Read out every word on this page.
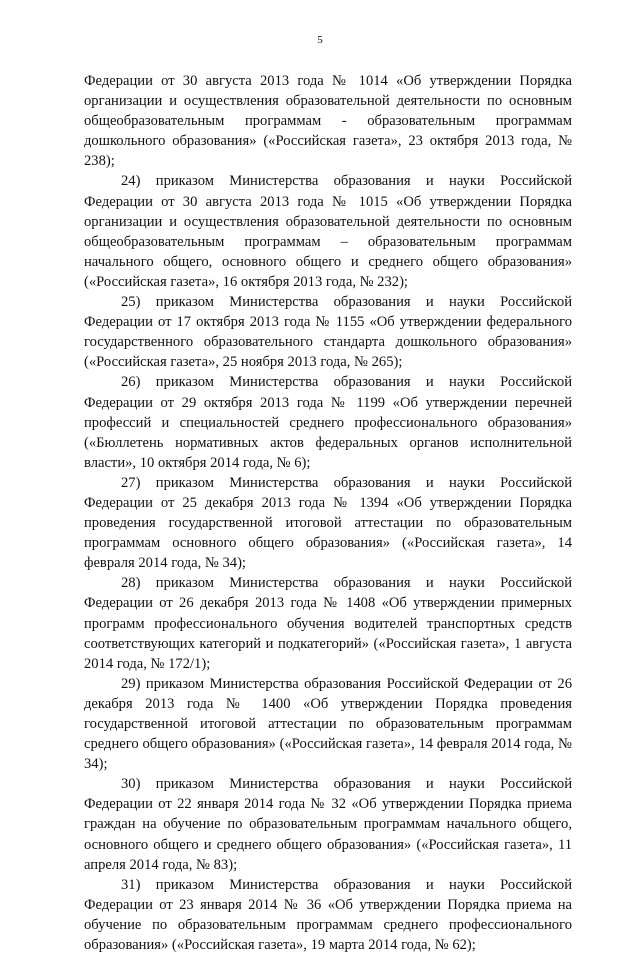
5

Федерации от 30 августа 2013 года № 1014 «Об утверждении Порядка организации и осуществления образовательной деятельности по основным общеобразовательным программам - образовательным программам дошкольного образования» («Российская газета», 23 октября 2013 года, № 238);

24) приказом Министерства образования и науки Российской Федерации от 30 августа 2013 года № 1015 «Об утверждении Порядка организации и осуществления образовательной деятельности по основным общеобразовательным программам – образовательным программам начального общего, основного общего и среднего общего образования» («Российская газета», 16 октября 2013 года, № 232);

25) приказом Министерства образования и науки Российской Федерации от 17 октября 2013 года № 1155 «Об утверждении федерального государственного образовательного стандарта дошкольного образования» («Российская газета», 25 ноября 2013 года, № 265);

26) приказом Министерства образования и науки Российской Федерации от 29 октября 2013 года № 1199 «Об утверждении перечней профессий и специальностей среднего профессионального образования» («Бюллетень нормативных актов федеральных органов исполнительной власти», 10 октября 2014 года, № 6);

27) приказом Министерства образования и науки Российской Федерации от 25 декабря 2013 года № 1394 «Об утверждении Порядка проведения государственной итоговой аттестации по образовательным программам основного общего образования» («Российская газета», 14 февраля 2014 года, № 34);

28) приказом Министерства образования и науки Российской Федерации от 26 декабря 2013 года № 1408 «Об утверждении примерных программ профессионального обучения водителей транспортных средств соответствующих категорий и подкатегорий» («Российская газета», 1 августа 2014 года, № 172/1);

29) приказом Министерства образования Российской Федерации от 26 декабря 2013 года № 1400 «Об утверждении Порядка проведения государственной итоговой аттестации по образовательным программам среднего общего образования» («Российская газета», 14 февраля 2014 года, № 34);

30) приказом Министерства образования и науки Российской Федерации от 22 января 2014 года № 32 «Об утверждении Порядка приема граждан на обучение по образовательным программам начального общего, основного общего и среднего общего образования» («Российская газета», 11 апреля 2014 года, № 83);

31) приказом Министерства образования и науки Российской Федерации от 23 января 2014 № 36 «Об утверждении Порядка приема на обучение по образовательным программам среднего профессионального образования» («Российская газета», 19 марта 2014 года, № 62);
